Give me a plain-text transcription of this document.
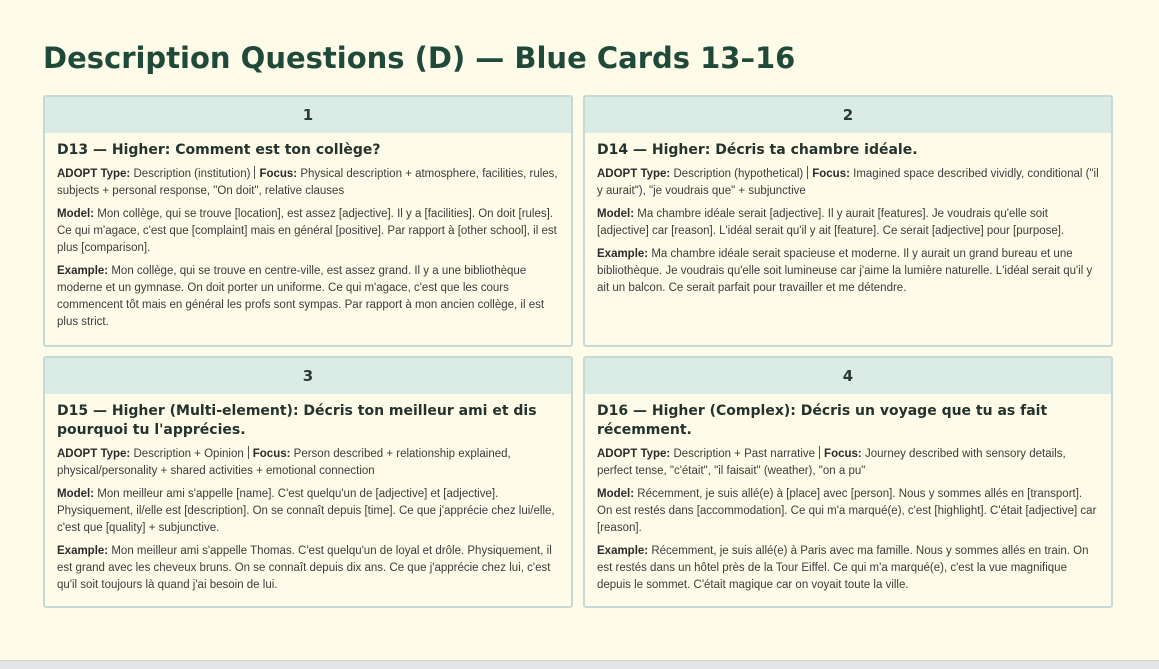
Description Questions (D) — Blue Cards 13–16
1
D13 — Higher: Comment est ton collège?

ADOPT Type: Description (institution) Focus: Physical description + atmosphere, facilities, rules, subjects + personal response, "On doit", relative clauses

Model: Mon collège, qui se trouve [location], est assez [adjective]. Il y a [facilities]. On doit [rules]. Ce qui m'agace, c'est que [complaint] mais en général [positive]. Par rapport à [other school], il est plus [comparison].

Example: Mon collège, qui se trouve en centre-ville, est assez grand. Il y a une bibliothèque moderne et un gymnase. On doit porter un uniforme. Ce qui m'agace, c'est que les cours commencent tôt mais en général les profs sont sympas. Par rapport à mon ancien collège, il est plus strict.

2
D14 — Higher: Décris ta chambre idéale.

ADOPT Type: Description (hypothetical) Focus: Imagined space described vividly, conditional ("il y aurait"), "je voudrais que" + subjunctive

Model: Ma chambre idéale serait [adjective]. Il y aurait [features]. Je voudrais qu'elle soit [adjective] car [reason]. L'idéal serait qu'il y ait [feature]. Ce serait [adjective] pour [purpose].

Example: Ma chambre idéale serait spacieuse et moderne. Il y aurait un grand bureau et une bibliothèque. Je voudrais qu'elle soit lumineuse car j'aime la lumière naturelle. L'idéal serait qu'il y ait un balcon. Ce serait parfait pour travailler et me détendre.

3
D15 — Higher (Multi-element): Décris ton meilleur ami et dis pourquoi tu l'apprécies.

ADOPT Type: Description + Opinion Focus: Person described + relationship explained, physical/personality + shared activities + emotional connection

Model: Mon meilleur ami s'appelle [name]. C'est quelqu'un de [adjective] et [adjective]. Physiquement, il/elle est [description]. On se connaît depuis [time]. Ce que j'apprécie chez lui/elle, c'est que [quality] + subjunctive.

Example: Mon meilleur ami s'appelle Thomas. C'est quelqu'un de loyal et drôle. Physiquement, il est grand avec les cheveux bruns. On se connaît depuis dix ans. Ce que j'apprécie chez lui, c'est qu'il soit toujours là quand j'ai besoin de lui.

4
D16 — Higher (Complex): Décris un voyage que tu as fait récemment.

ADOPT Type: Description + Past narrative Focus: Journey described with sensory details, perfect tense, "c'était", "il faisait" (weather), "on a pu"

Model: Récemment, je suis allé(e) à [place] avec [person]. Nous y sommes allés en [transport]. On est restés dans [accommodation]. Ce qui m'a marqué(e), c'est [highlight]. C'était [adjective] car [reason].

Example: Récemment, je suis allé(e) à Paris avec ma famille. Nous y sommes allés en train. On est restés dans un hôtel près de la Tour Eiffel. Ce qui m'a marqué(e), c'est la vue magnifique depuis le sommet. C'était magique car on voyait toute la ville.
